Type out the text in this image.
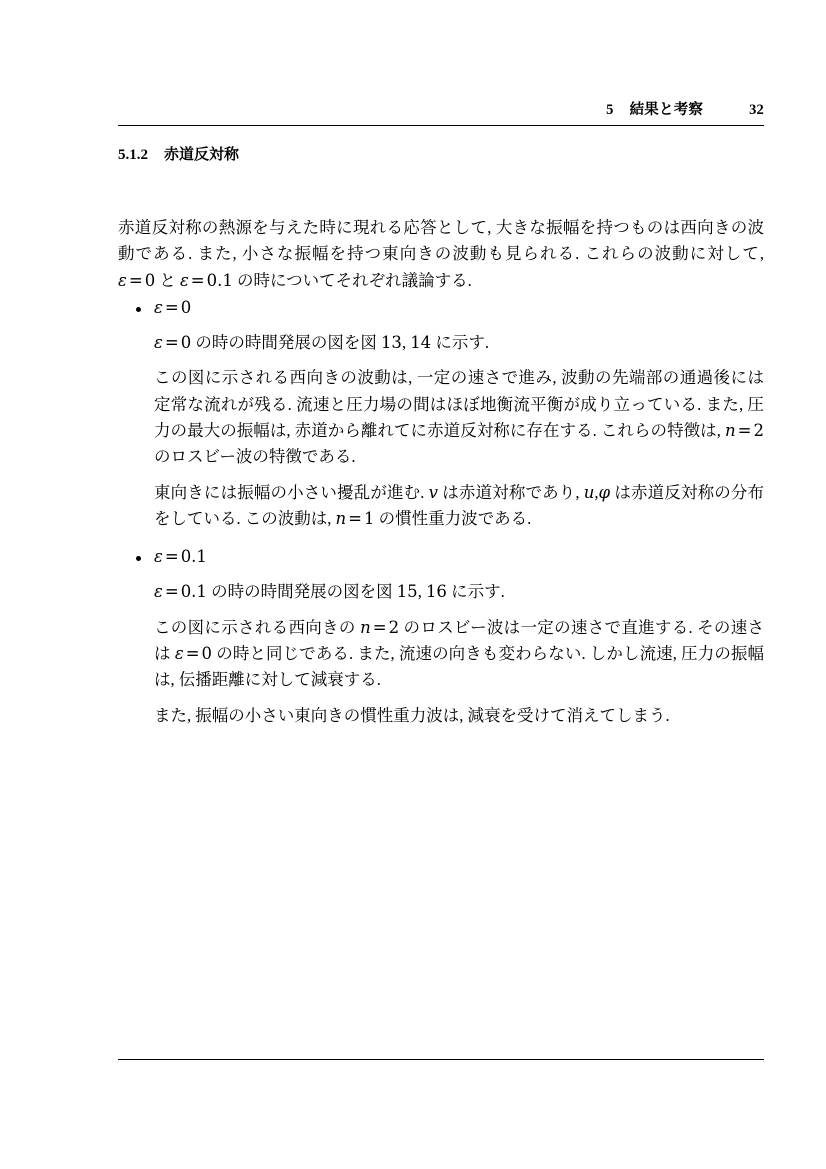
5 結果と考察	32
5.1.2 赤道反対称

赤道反対称の熱源を与えた時に現れる応答として, 大きな振幅を持つものは西向きの波動である. また, 小さな振幅を持つ東向きの波動も見られる. これらの波動に対して, ε = 0 と ε = 0.1 の時についてそれぞれ議論する.

ε = 0
ε = 0 の時の時間発展の図を図 13, 14 に示す.
この図に示される西向きの波動は, 一定の速さで進み, 波動の先端部の通過後には定常な流れが残る. 流速と圧力場の間はほぼ地衡流平衡が成り立っている. また, 圧力の最大の振幅は, 赤道から離れてに赤道反対称に存在する. これらの特徴は, n = 2 のロスビー波の特徴である.
東向きには振幅の小さい擾乱が進む. v は赤道対称であり, u,φ は赤道反対称の分布をしている. この波動は, n = 1 の慣性重力波である.
ε = 0.1
ε = 0.1 の時の時間発展の図を図 15, 16 に示す.
この図に示される西向きの n = 2 のロスビー波は一定の速さで直進する. その速さは ε = 0 の時と同じである. また, 流速の向きも変わらない. しかし流速, 圧力の振幅は, 伝播距離に対して減衰する.
また, 振幅の小さい東向きの慣性重力波は, 減衰を受けて消えてしまう.
